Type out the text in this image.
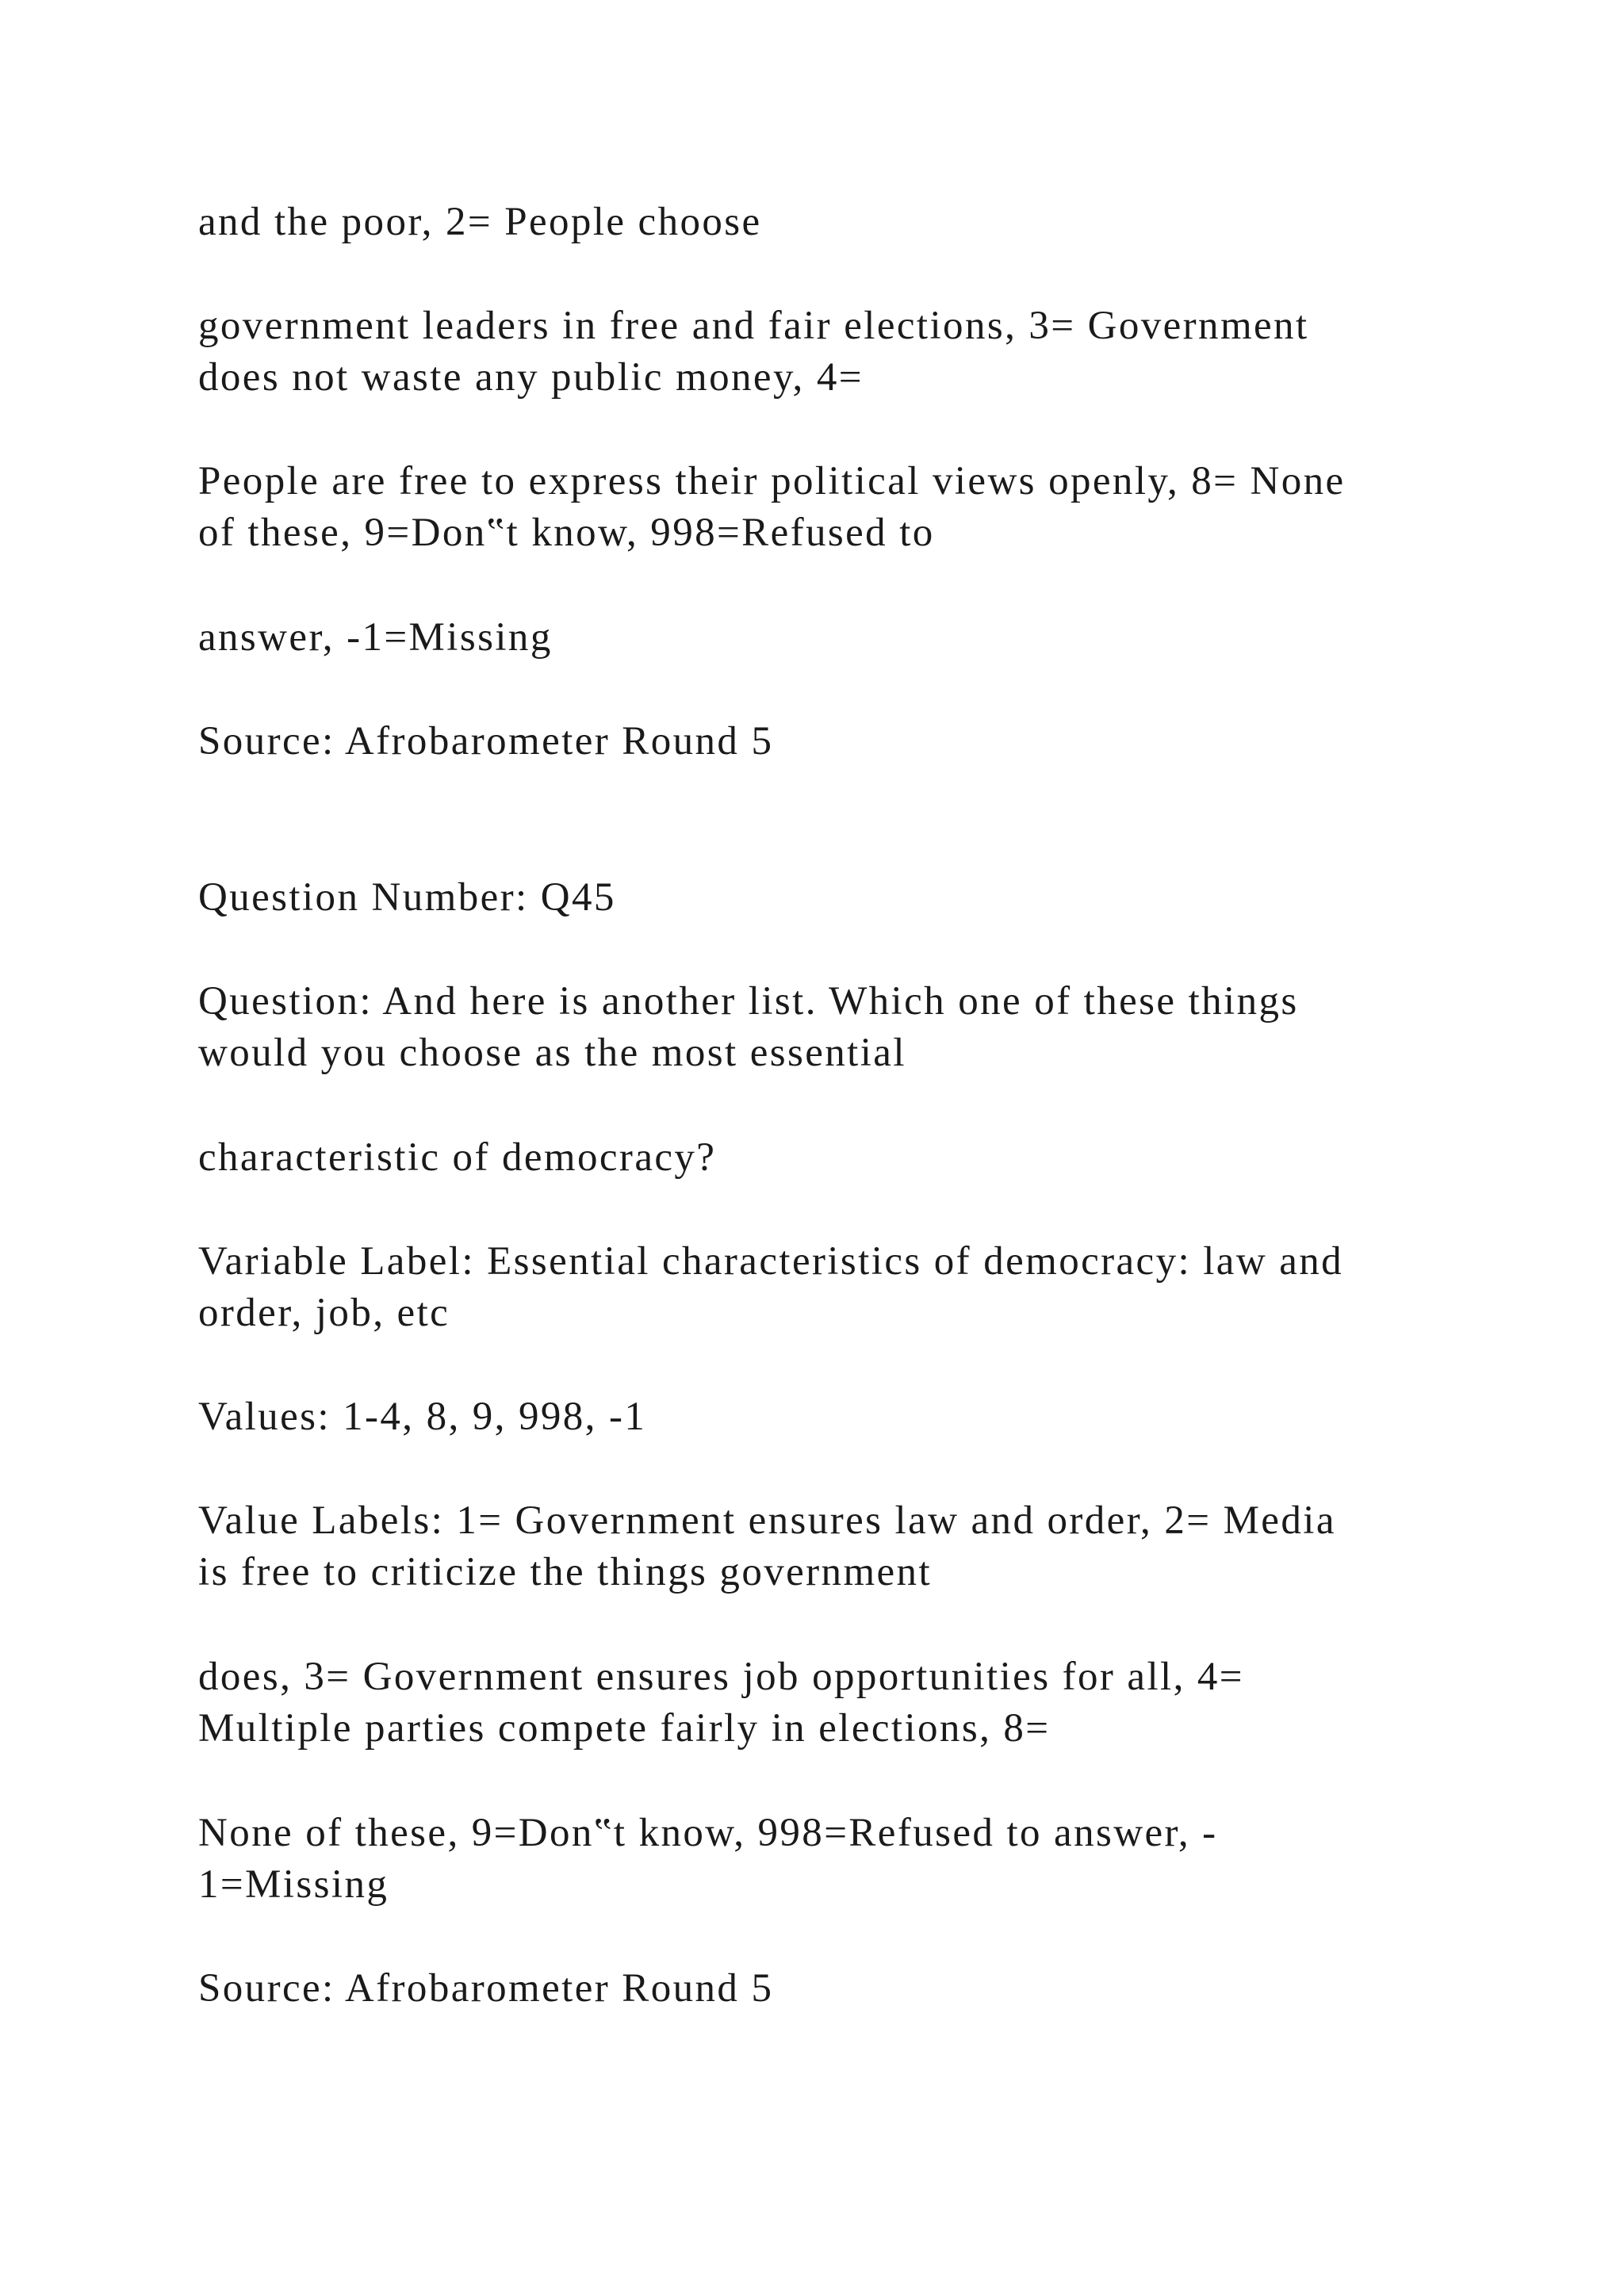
and the poor, 2= People choose

government leaders in free and fair elections, 3= Government
does not waste any public money, 4=

People are free to express their political views openly, 8= None
of these, 9=Don‟t know, 998=Refused to

answer, -1=Missing

Source: Afrobarometer Round 5

Question Number: Q45

Question: And here is another list. Which one of these things
would you choose as the most essential

characteristic of democracy?

Variable Label: Essential characteristics of democracy: law and
order, job, etc

Values: 1-4, 8, 9, 998, -1

Value Labels: 1= Government ensures law and order, 2= Media
is free to criticize the things government

does, 3= Government ensures job opportunities for all, 4=
Multiple parties compete fairly in elections, 8=

None of these, 9=Don‟t know, 998=Refused to answer, -
1=Missing

Source: Afrobarometer Round 5
